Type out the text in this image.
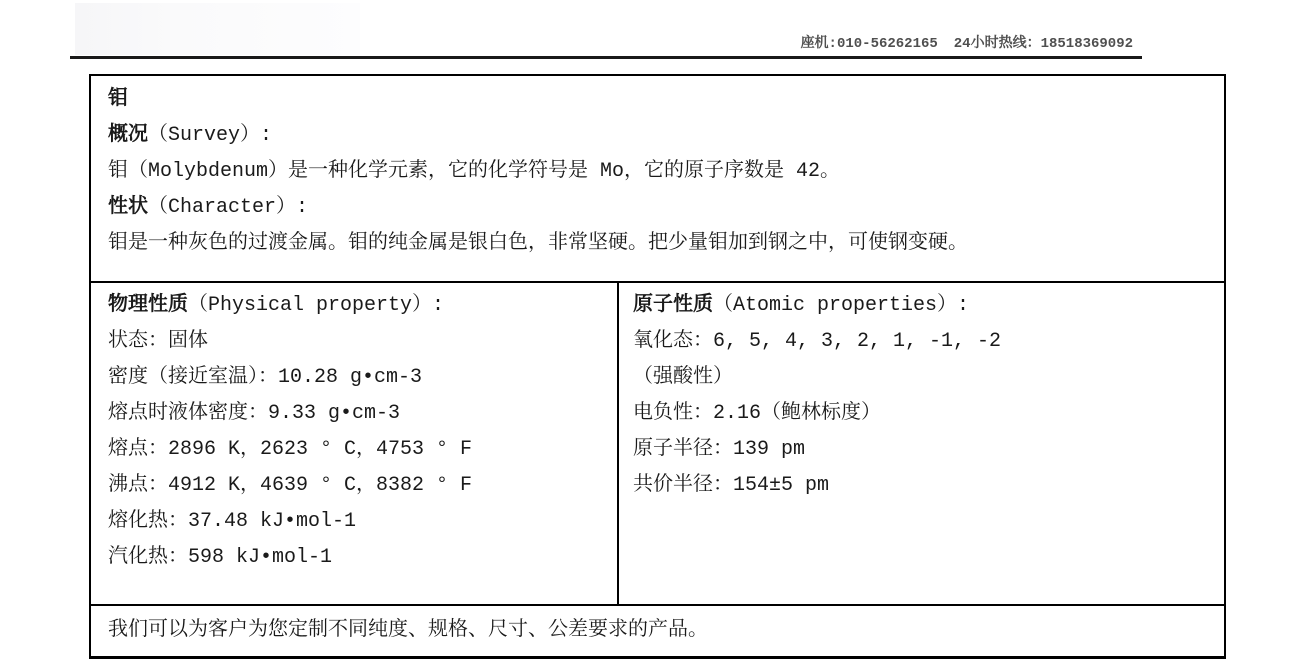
座机:010-56262165 24小时热线：18518369092
钼
概况（Survey）:
钼（Molybdenum）是一种化学元素，它的化学符号是 Mo，它的原子序数是 42。
性状（Character）:
钼是一种灰色的过渡金属。钼的纯金属是银白色，非常坚硬。把少量钼加到钢之中，可使钢变硬。
物理性质（Physical property）:
状态：固体
密度（接近室温）：10.28 g•cm-3
熔点时液体密度：9.33 g•cm-3
熔点：2896 K，2623 ° C，4753 ° F
沸点：4912 K，4639 ° C，8382 ° F
熔化热：37.48 kJ•mol-1
汽化热：598 kJ•mol-1
原子性质（Atomic properties）:
氧化态：6, 5, 4, 3, 2, 1, -1, -2
（强酸性）
电负性：2.16（鲍林标度）
原子半径：139 pm
共价半径：154±5 pm
我们可以为客户为您定制不同纯度、规格、尺寸、公差要求的产品。
